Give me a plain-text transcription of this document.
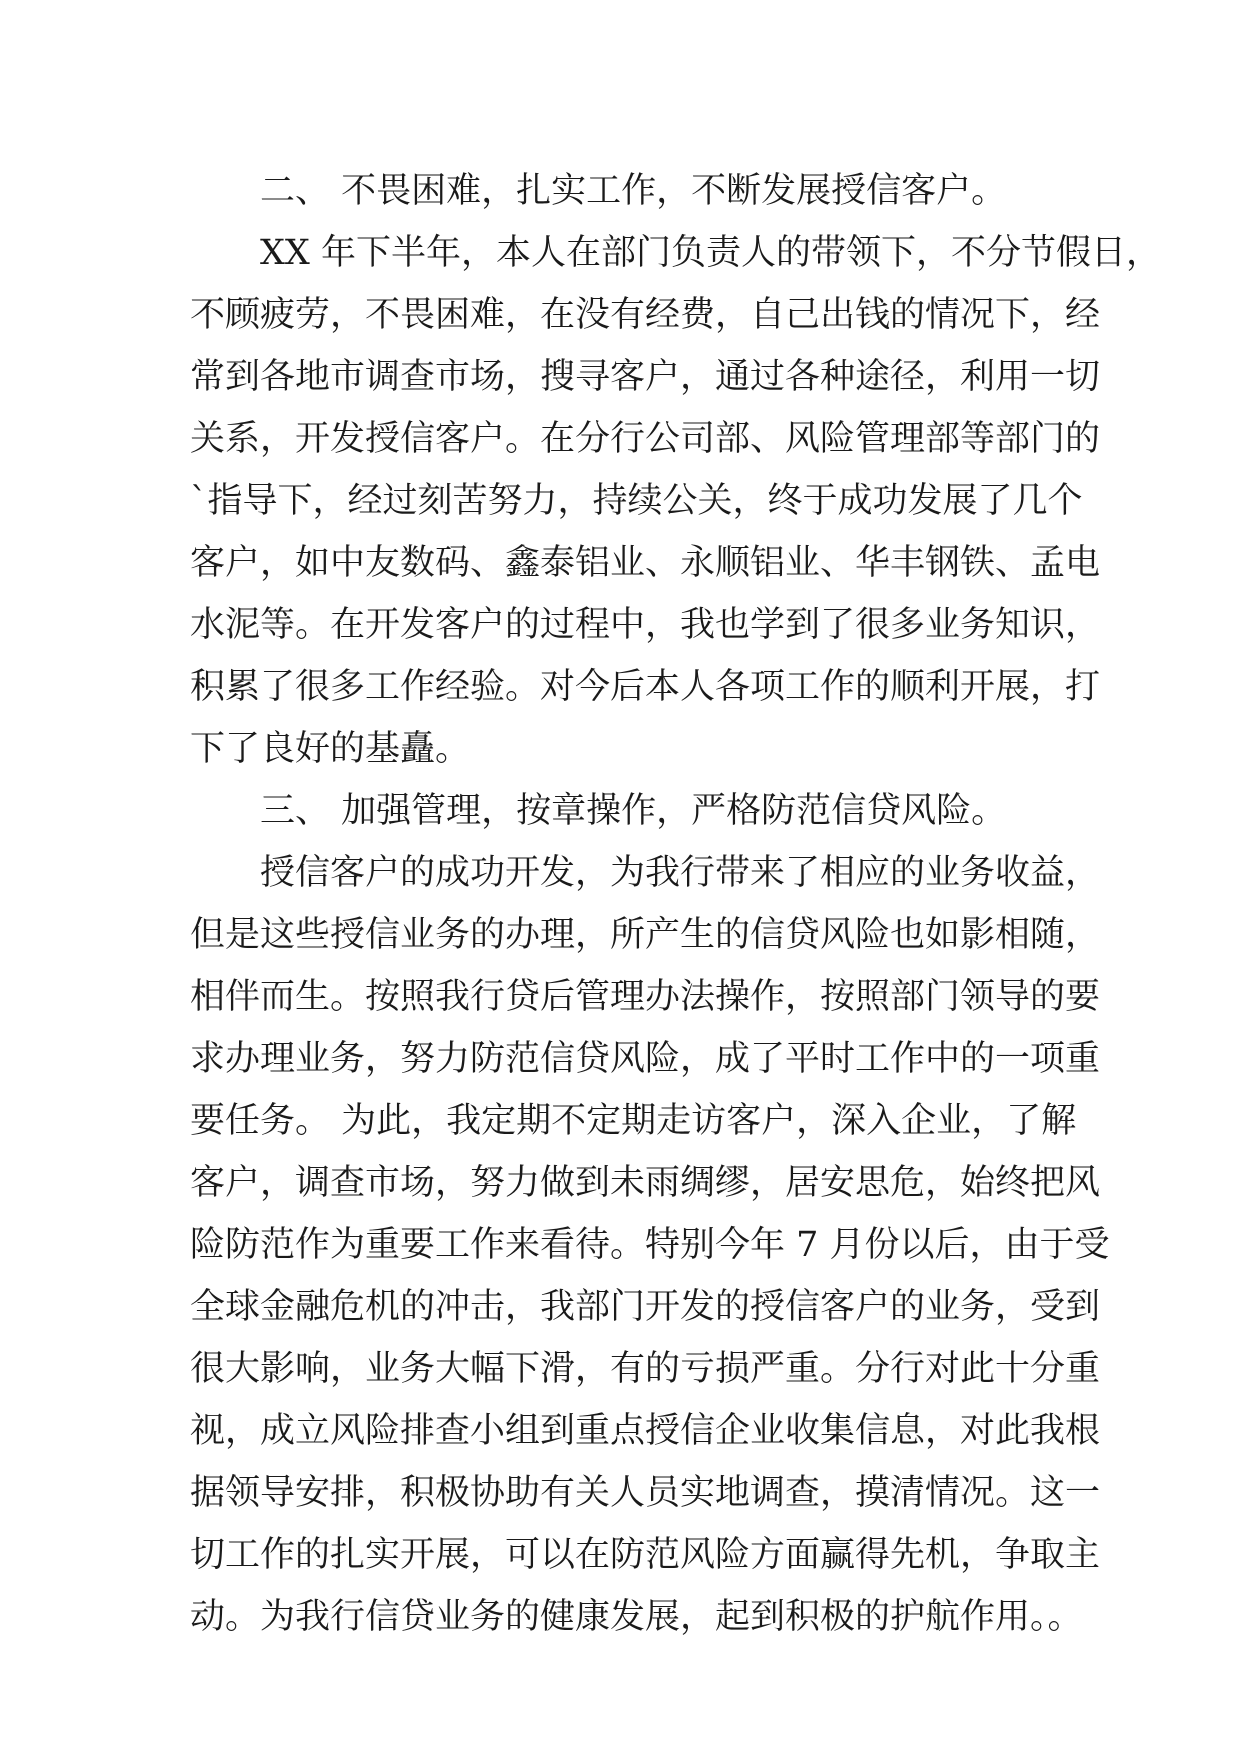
二、 不畏困难，扎实工作，不断发展授信客户。
XX 年下半年，本人在部门负责人的带领下，不分节假日，
不顾疲劳，不畏困难，在没有经费，自己出钱的情况下，经
常到各地市调查市场，搜寻客户，通过各种途径，利用一切
关系，开发授信客户。在分行公司部、风险管理部等部门的
`指导下，经过刻苦努力，持续公关，终于成功发展了几个
客户，如中友数码、鑫泰铝业、永顺铝业、华丰钢铁、孟电
水泥等。在开发客户的过程中，我也学到了很多业务知识，
积累了很多工作经验。对今后本人各项工作的顺利开展，打
下了良好的基矗。
三、 加强管理，按章操作，严格防范信贷风险。
授信客户的成功开发，为我行带来了相应的业务收益，
但是这些授信业务的办理，所产生的信贷风险也如影相随，
相伴而生。按照我行贷后管理办法操作，按照部门领导的要
求办理业务，努力防范信贷风险，成了平时工作中的一项重
要任务。 为此，我定期不定期走访客户，深入企业，了解
客户，调查市场，努力做到未雨绸缪，居安思危，始终把风
险防范作为重要工作来看待。特别今年 7 月份以后，由于受
全球金融危机的冲击，我部门开发的授信客户的业务，受到
很大影响，业务大幅下滑，有的亏损严重。分行对此十分重
视，成立风险排查小组到重点授信企业收集信息，对此我根
据领导安排，积极协助有关人员实地调查，摸清情况。这一
切工作的扎实开展，可以在防范风险方面赢得先机，争取主
动。为我行信贷业务的健康发展，起到积极的护航作用。。
